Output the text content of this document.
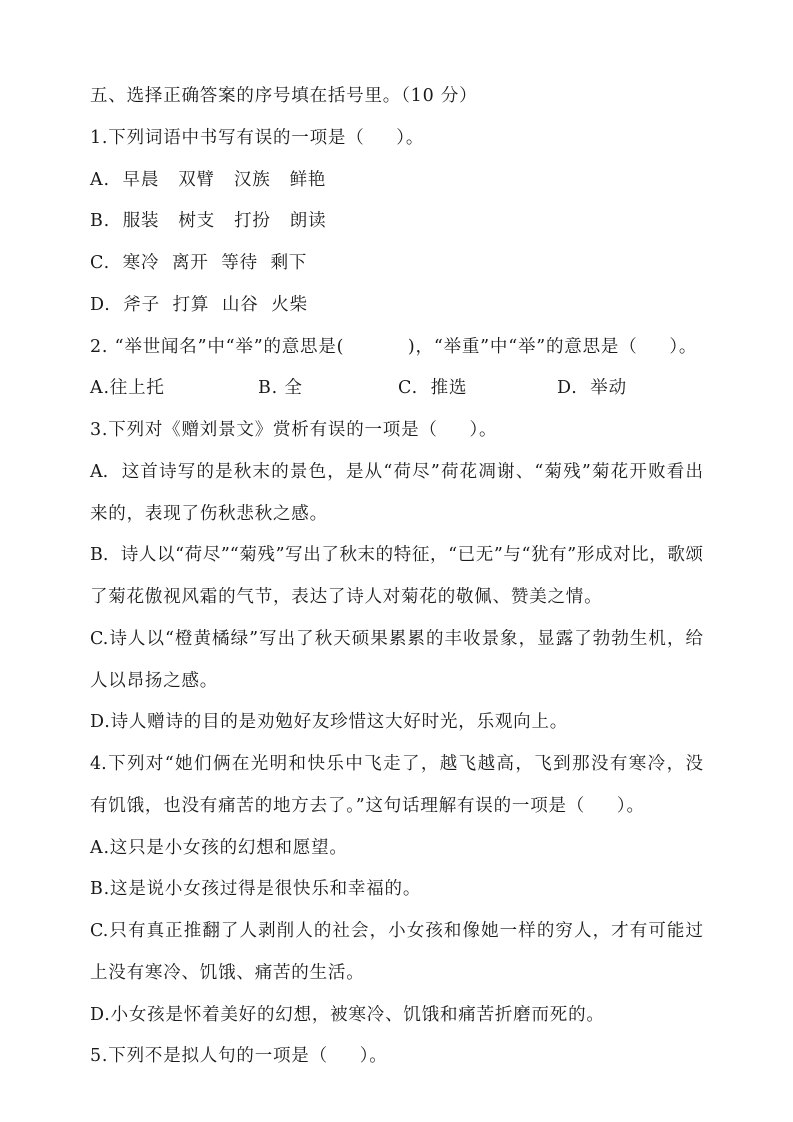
五、选择正确答案的序号填在括号里。（10 分）
1.下列词语中书写有误的一项是（     ）。
A.  早晨   双臂   汉族   鲜艳
B.  服装   树支   打扮   朗读
C.  寒冷  离开  等待  剩下
D.  斧子  打算  山谷  火柴
2. “举世闻名”中“举”的意思是(          )，“举重”中“举”的意思是（     ）。

A.往上托

	B. 全

	C.  推选

	D.  举动

3.下列对《赠刘景文》赏析有误的一项是（     ）。
A.  这首诗写的是秋末的景色，是从“荷尽”荷花凋谢、“菊残”菊花开败看出
来的，表现了伤秋悲秋之感。
B.  诗人以“荷尽”“菊残”写出了秋末的特征，“已无”与“犹有”形成对比，歌颂
了菊花傲视风霜的气节，表达了诗人对菊花的敬佩、赞美之情。
C.诗人以“橙黄橘绿”写出了秋天硕果累累的丰收景象，显露了勃勃生机，给
人以昂扬之感。
D.诗人赠诗的目的是劝勉好友珍惜这大好时光，乐观向上。
4.下列对“她们俩在光明和快乐中飞走了，越飞越高，飞到那没有寒冷，没
有饥饿，也没有痛苦的地方去了。”这句话理解有误的一项是（     ）。
A.这只是小女孩的幻想和愿望。
B.这是说小女孩过得是很快乐和幸福的。
C.只有真正推翻了人剥削人的社会，小女孩和像她一样的穷人，才有可能过
上没有寒冷、饥饿、痛苦的生活。
D.小女孩是怀着美好的幻想，被寒冷、饥饿和痛苦折磨而死的。
5.下列不是拟人句的一项是（     ）。
